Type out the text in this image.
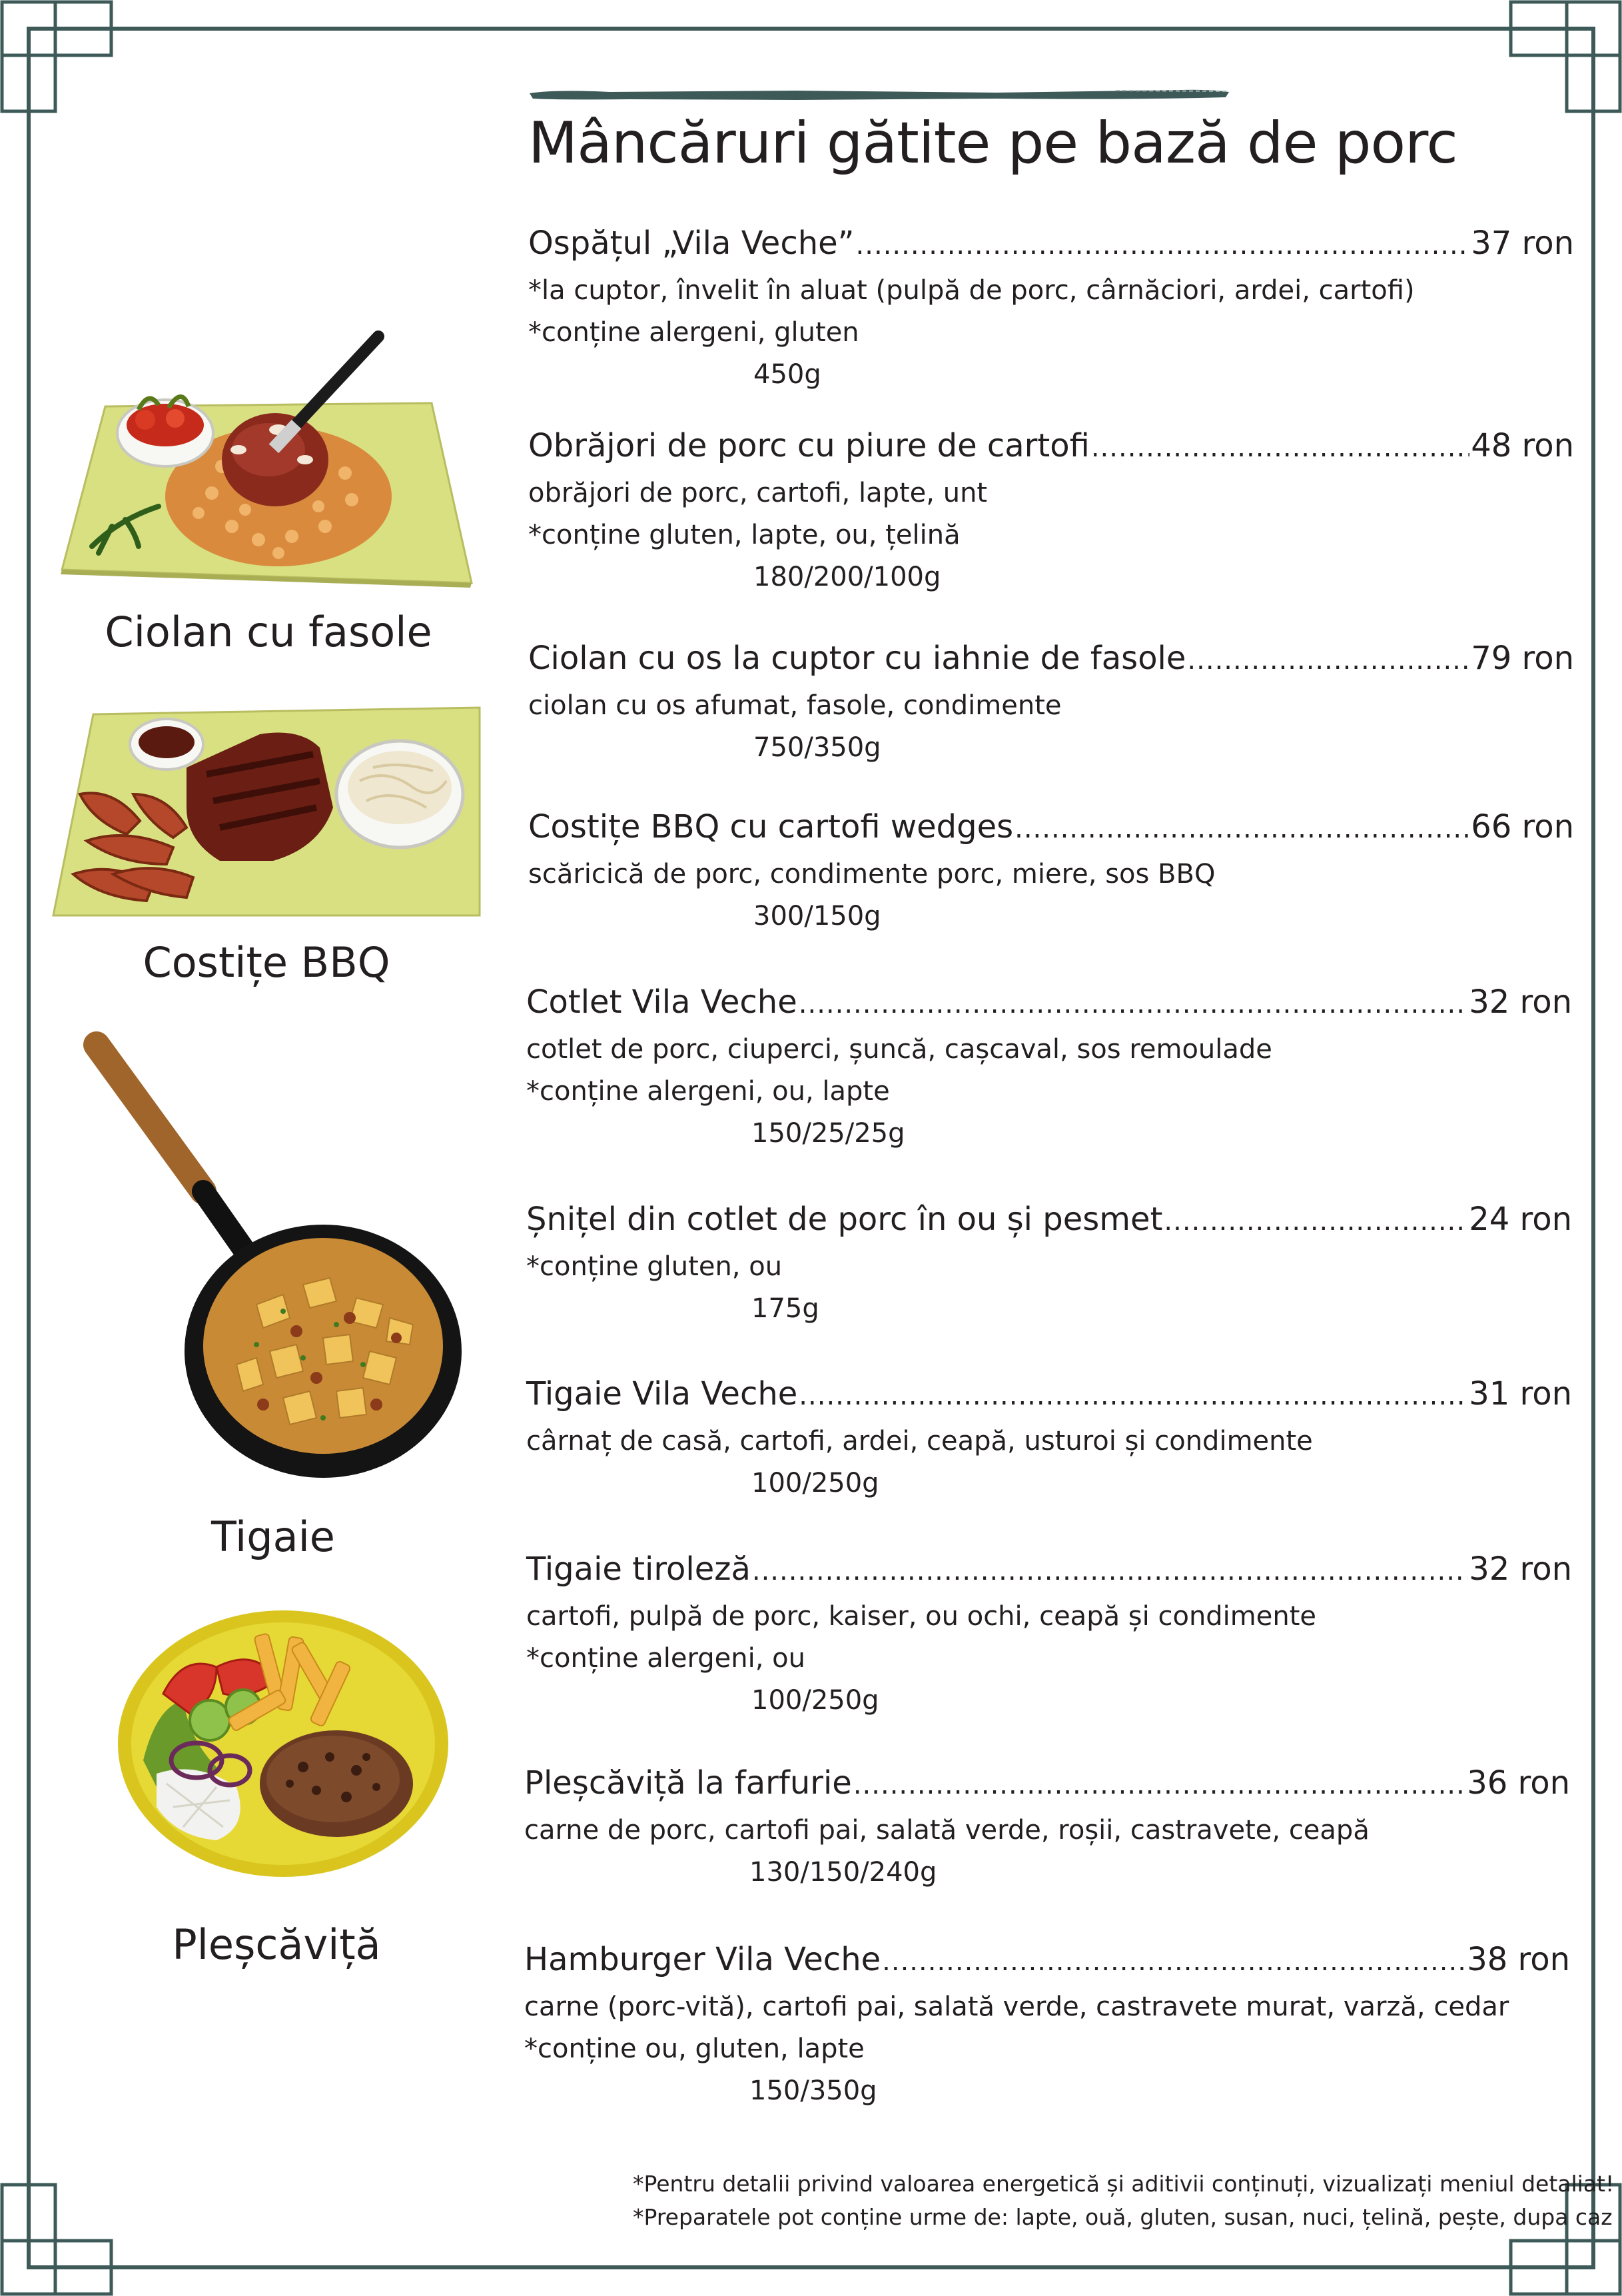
Mâncăruri gătite pe bază de porc
Ospățul „Vila Veche” .....	37 ron
*la cuptor, învelit în aluat (pulpă de porc, cârnăciori, ardei, cartofi)
*conține alergeni, gluten
450g
Obrăjori de porc cu piure de cartofi .....	48 ron
obrăjori de porc, cartofi, lapte, unt
*conține gluten, lapte, ou, țelină
180/200/100g
Ciolan cu os la cuptor cu iahnie de fasole .....	79 ron
ciolan cu os afumat, fasole, condimente
750/350g
Costițe BBQ cu cartofi wedges .....	66 ron
scăricică de porc, condimente porc, miere, sos BBQ
300/150g
Cotlet Vila Veche .....	32 ron
cotlet de porc, ciuperci, șuncă, cașcaval, sos remoulade
*conține alergeni, ou, lapte
150/25/25g
Șnițel din cotlet de porc în ou și pesmet .....	24 ron
*conține gluten, ou
175g
Tigaie Vila Veche .....	31 ron
cârnaț de casă, cartofi, ardei, ceapă, usturoi și condimente
100/250g
Tigaie tiroleză .....	32 ron
cartofi, pulpă de porc, kaiser, ou ochi, ceapă și condimente
*conține alergeni, ou
100/250g
Pleșcăviță la farfurie .....	36 ron
carne de porc, cartofi pai, salată verde, roșii, castravete, ceapă
130/150/240g
Hamburger Vila Veche .....	38 ron
carne (porc-vită), cartofi pai, salată verde, castravete murat, varză, cedar
*conține ou, gluten, lapte
150/350g
Ciolan cu fasole
Costițe BBQ
Tigaie
Pleșcăviță
*Pentru detalii privind valoarea energetică și aditivii conținuți, vizualizați meniul detaliat!
*Preparatele pot conține urme de: lapte, ouă, gluten, susan, nuci, țelină, pește, dupa caz
